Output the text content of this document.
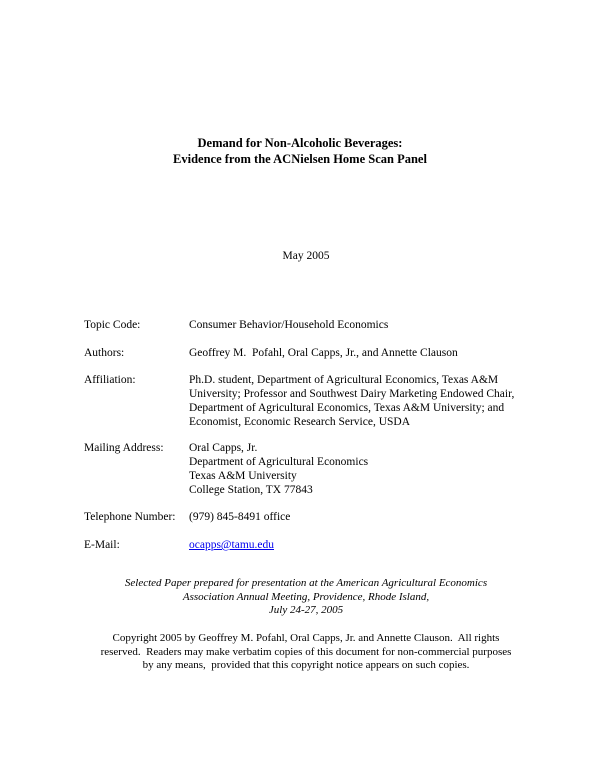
Demand for Non-Alcoholic Beverages:
Evidence from the ACNielsen Home Scan Panel
May 2005
Topic Code:	Consumer Behavior/Household Economics
Authors:	Geoffrey M.  Pofahl, Oral Capps, Jr., and Annette Clauson
Affiliation:	Ph.D. student, Department of Agricultural Economics, Texas A&M
University; Professor and Southwest Dairy Marketing Endowed Chair,
Department of Agricultural Economics, Texas A&M University; and
Economist, Economic Research Service, USDA
Mailing Address: Oral Capps, Jr.
Department of Agricultural Economics
Texas A&M University
College Station, TX 77843
Telephone Number: (979) 845-8491 office
E-Mail:	ocapps@tamu.edu
Selected Paper prepared for presentation at the American Agricultural Economics
Association Annual Meeting, Providence, Rhode Island,
July 24-27, 2005
Copyright 2005 by Geoffrey M. Pofahl, Oral Capps, Jr. and Annette Clauson.  All rights
reserved.  Readers may make verbatim copies of this document for non-commercial purposes
by any means,  provided that this copyright notice appears on such copies.
